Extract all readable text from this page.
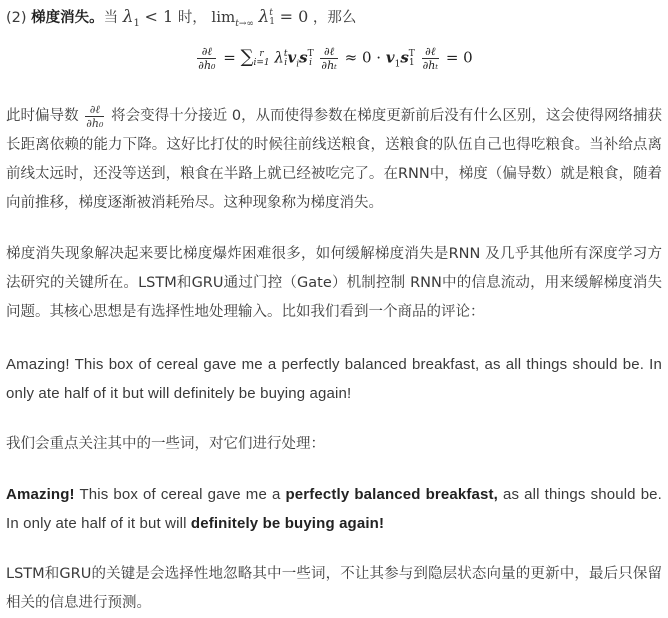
(2) 梯度消失。当 $\lambda_1 < 1$ 时， $\lim_{t\to\infty} \lambda$ t
1 = 0 ，那么

$\frac{\text{∂ℓ}}{\text{∂h₀}}$ = ∑ r
i=1 λ t
i $v_is$ T
i
$\frac{\text{∂ℓ}}{\text{∂hₜ}} \approx 0 \cdot v_1s$ T
1
$\frac{\text{∂ℓ}}{\text{∂hₜ}} = 0$

此时偏导数 $\frac{\text{∂ℓ}}{\text{∂h₀}}$ 将会变得十分接近 0，从而使得参数在梯度更新前后没有什么区别，这会使得网络捕获长距离依赖的能力下降。这好比打仗的时候往前线送粮食，送粮食的队伍自己也得吃粮食。当补给点离前线太远时，还没等送到，粮食在半路上就已经被吃完了。在RNN中，梯度（偏导数）就是粮食，随着向前推移，梯度逐渐被消耗殆尽。这种现象称为梯度消失。

梯度消失现象解决起来要比梯度爆炸困难很多，如何缓解梯度消失是RNN 及几乎其他所有深度学习方法研究的关键所在。LSTM和GRU通过门控（Gate）机制控制 RNN中的信息流动，用来缓解梯度消失问题。其核心思想是有选择性地处理输入。比如我们看到一个商品的评论：

Amazing! This box of cereal gave me a perfectly balanced breakfast, as all things should be. In only ate half of it but will definitely be buying again!

我们会重点关注其中的一些词，对它们进行处理：

Amazing! This box of cereal gave me a perfectly balanced breakfast, as all things should be. In only ate half of it but will definitely be buying again!

LSTM和GRU的关键是会选择性地忽略其中一些词，不让其参与到隐层状态向量的更新中，最后只保留相关的信息进行预测。
